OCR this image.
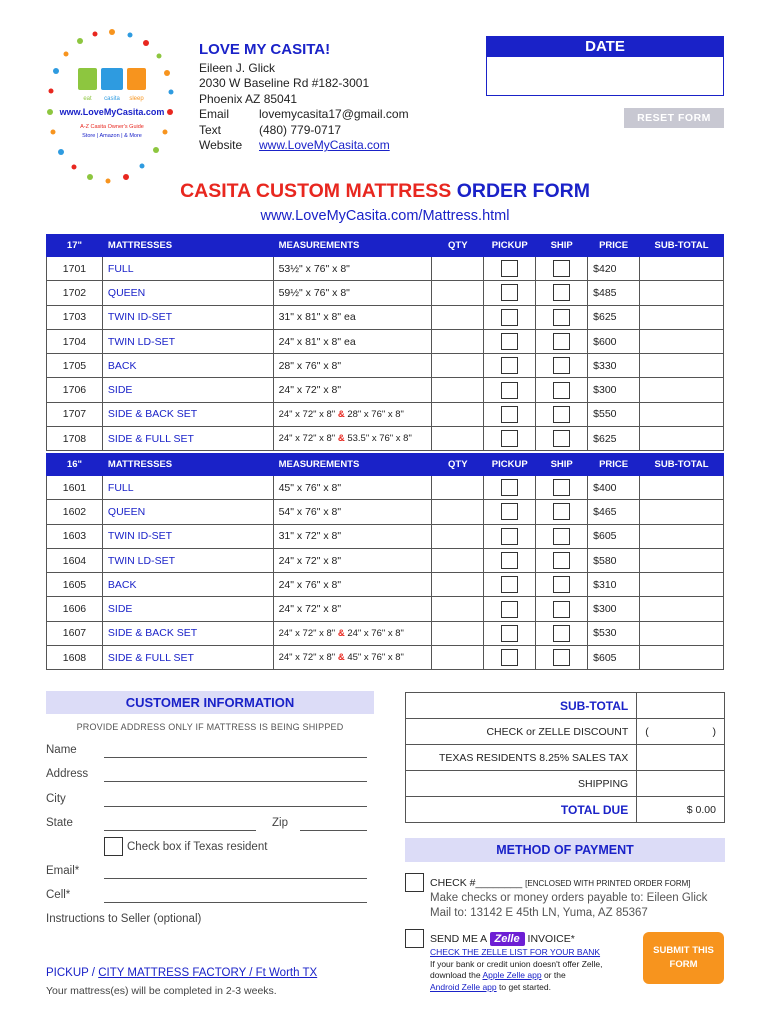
eat casita sleep
www.LoveMyCasita.com
A-Z Casita Owner's Guide
Store | Amazon | & More
LOVE MY CASITA!
Eileen J. Glick
2030 W Baseline Rd #182-3001
Phoenix AZ 85041
Email	lovemycasita17@gmail.com
Text	(480) 779-0717
Website	www.LoveMyCasita.com
DATE
RESET FORM
CASITA CUSTOM MATTRESS ORDER FORM
www.LoveMyCasita.com/Mattress.html
17"	MATTRESSES	MEASUREMENTS	QTY	PICKUP	SHIP	PRICE	SUB-TOTAL
1701	FULL	53½" x 76" x 8"				$420	
1702	QUEEN	59½" x 76" x 8"				$485	
1703	TWIN ID-SET	31" x 81" x 8" ea				$625	
1704	TWIN LD-SET	24" x 81" x 8" ea				$600	
1705	BACK	28" x 76" x 8"				$330	
1706	SIDE	24" x 72" x 8"				$300	
1707	SIDE & BACK SET	24" x 72" x 8" & 28" x 76" x 8"				$550	
1708	SIDE & FULL SET	24" x 72" x 8" & 53.5" x 76" x 8"				$625	
16"	MATTRESSES	MEASUREMENTS	QTY	PICKUP	SHIP	PRICE	SUB-TOTAL
1601	FULL	45" x 76" x 8"				$400	
1602	QUEEN	54" x 76" x 8"				$465	
1603	TWIN ID-SET	31" x 72" x 8"				$605	
1604	TWIN LD-SET	24" x 72" x 8"				$580	
1605	BACK	24" x 76" x 8"				$310	
1606	SIDE	24" x 72" x 8"				$300	
1607	SIDE & BACK SET	24" x 72" x 8" & 24" x 76" x 8"				$530	
1608	SIDE & FULL SET	24" x 72" x 8" & 45" x 76" x 8"				$605	
CUSTOMER INFORMATION
PROVIDE ADDRESS ONLY IF MATTRESS IS BEING SHIPPED
Name
Address
City
State	Zip
Check box if Texas resident
Email*
Cell*
Instructions to Seller (optional)
PICKUP / CITY MATTRESS FACTORY / Ft Worth TX
Your mattress(es) will be completed in 2-3 weeks.
SUB-TOTAL	
CHECK or ZELLE DISCOUNT	( )

TEXAS RESIDENTS 8.25% SALES TAX	
SHIPPING	
TOTAL DUE	$ 0.00
METHOD OF PAYMENT
CHECK #________ [ENCLOSED WITH PRINTED ORDER FORM]
Make checks or money orders payable to: Eileen Glick
Mail to: 13142 E 45th LN, Yuma, AZ 85367
SEND ME A Zelle INVOICE*
CHECK THE ZELLE LIST FOR YOUR BANK
If your bank or credit union doesn't offer Zelle,
download the Apple Zelle app or the
Android Zelle app to get started.
SUBMIT THIS
FORM
